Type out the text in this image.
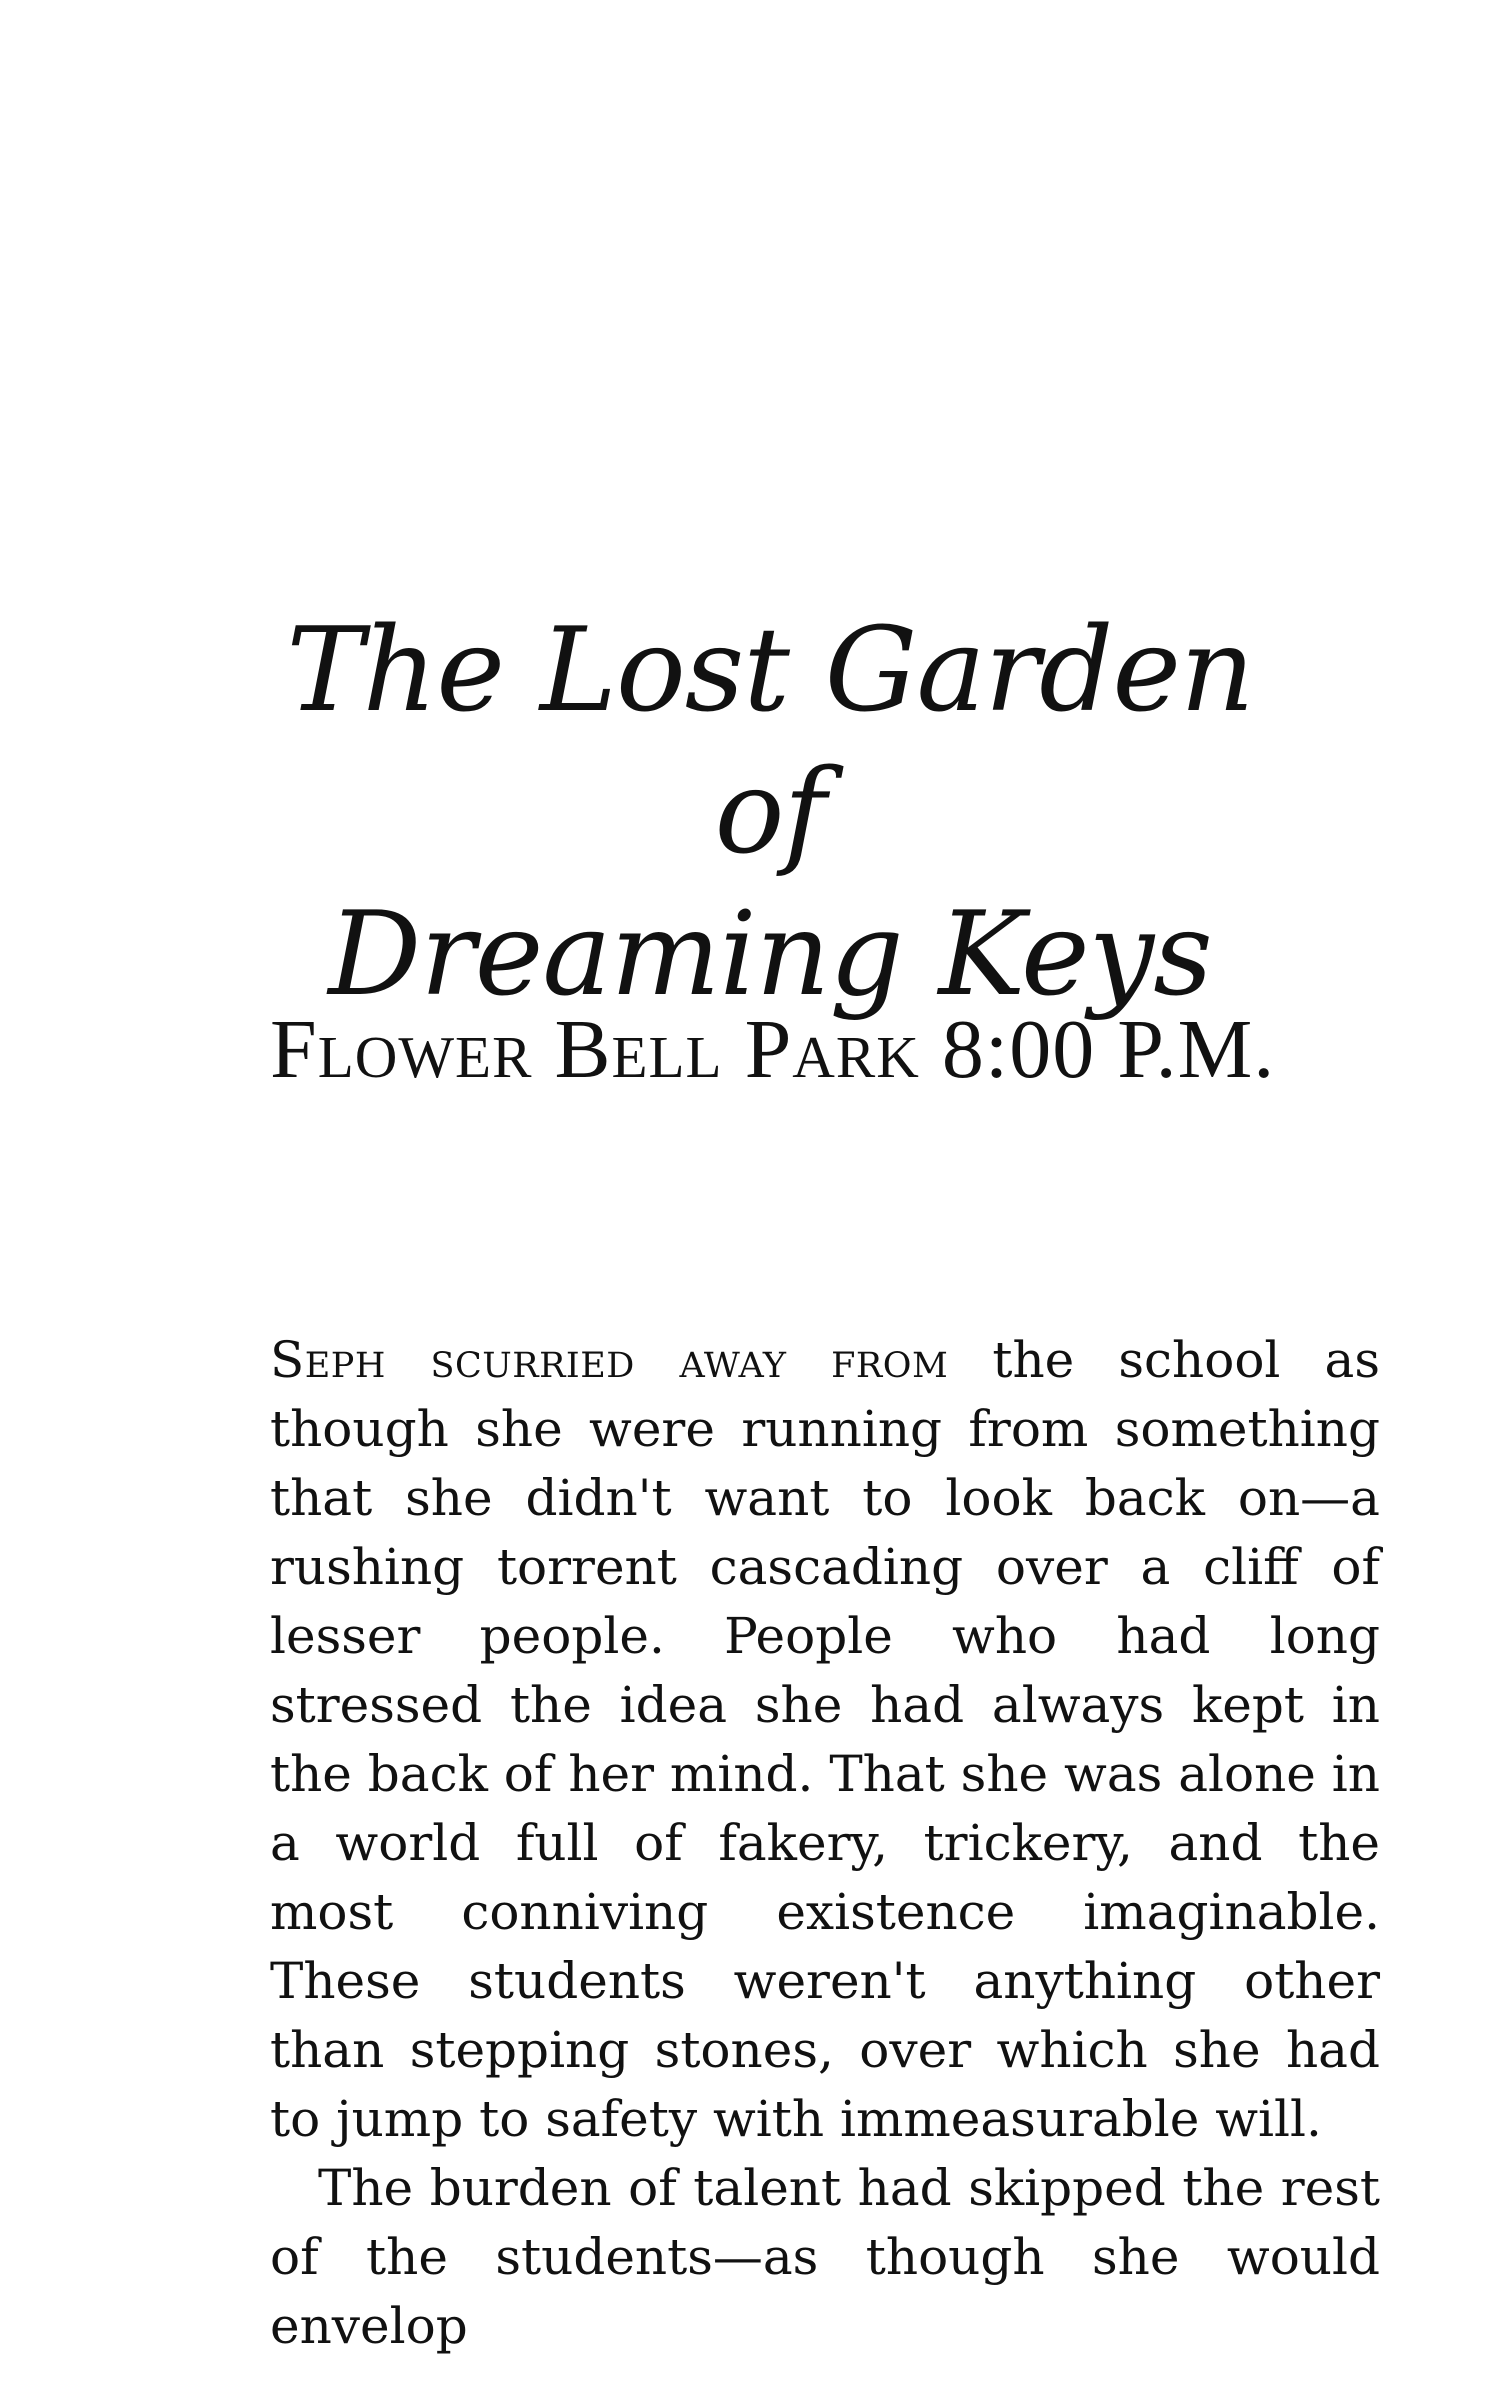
The Lost Garden of
Dreaming Keys
Flower Bell Park 8:00 P.M.

Seph scurried away from the school as though she were running from something that she didn't want to look back on—a rushing torrent cascading over a cliff of lesser people. People who had long stressed the idea she had always kept in the back of her mind. That she was alone in a world full of fakery, trickery, and the most conniving existence imaginable. These students weren't anything other than stepping stones, over which she had to jump to safety with immeasurable will.

The burden of talent had skipped the rest of the students—as though she would envelop
